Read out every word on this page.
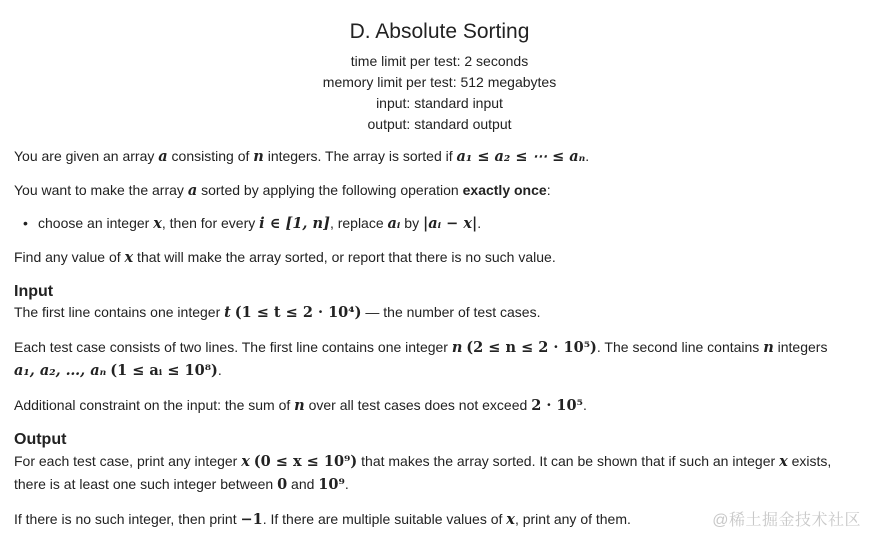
D. Absolute Sorting
time limit per test: 2 seconds
memory limit per test: 512 megabytes
input: standard input
output: standard output

You are given an array a consisting of n integers. The array is sorted if a₁ ≤ a₂ ≤ ⋯ ≤ aₙ.

You want to make the array a sorted by applying the following operation exactly once:

• choose an integer x, then for every i ∈ [1, n], replace aᵢ by |aᵢ − x|.

Find any value of x that will make the array sorted, or report that there is no such value.

Input

The first line contains one integer t (1 ≤ t ≤ 2 · 10⁴) — the number of test cases.

Each test case consists of two lines. The first line contains one integer n (2 ≤ n ≤ 2 · 10⁵). The second line contains n integers
a₁, a₂, …, aₙ (1 ≤ aᵢ ≤ 10⁸).

Additional constraint on the input: the sum of n over all test cases does not exceed 2 · 10⁵.

Output

For each test case, print any integer x (0 ≤ x ≤ 10⁹) that makes the array sorted. It can be shown that if such an integer x exists, there is at least one such integer between 0 and 10⁹.

If there is no such integer, then print −1. If there are multiple suitable values of x, print any of them.	@稀土掘金技术社区
